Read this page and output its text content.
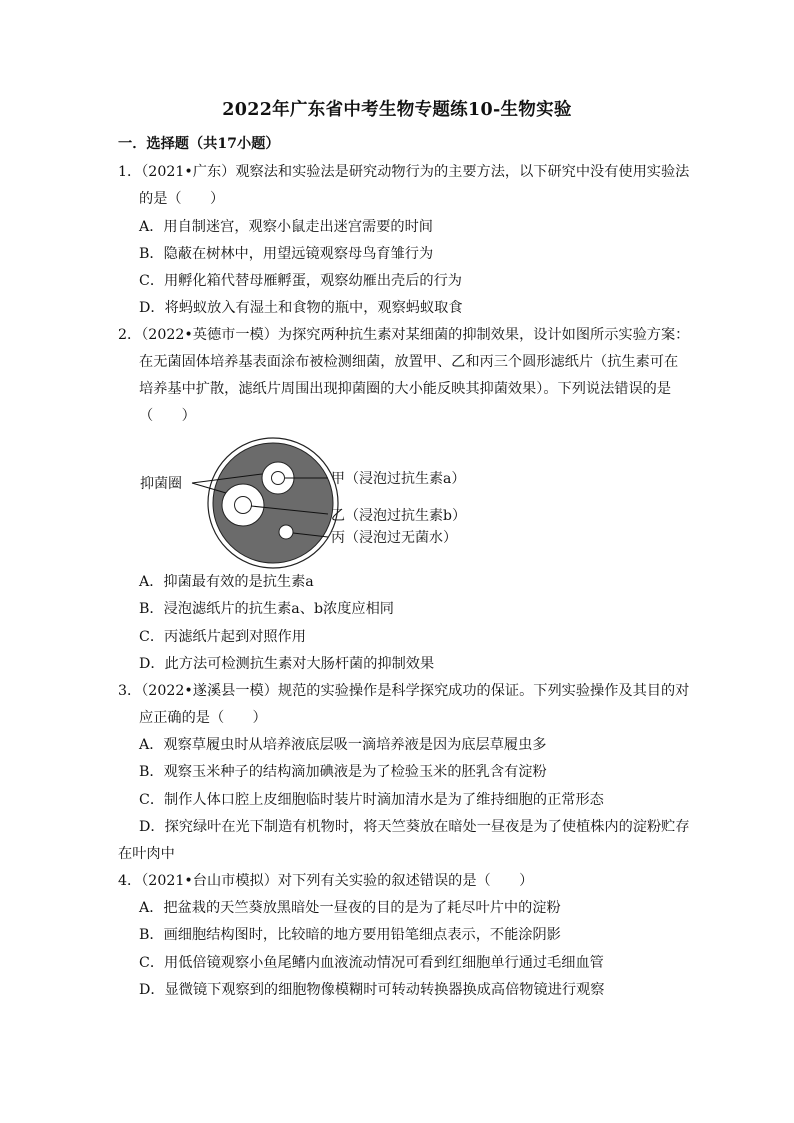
2022年广东省中考生物专题练10-生物实验
一．选择题（共17小题）
1．（2021•广东）观察法和实验法是研究动物行为的主要方法，以下研究中没有使用实验法
的是（　　）
A．用自制迷宫，观察小鼠走出迷宫需要的时间
B．隐蔽在树林中，用望远镜观察母鸟育雏行为
C．用孵化箱代替母雁孵蛋，观察幼雁出壳后的行为
D．将蚂蚁放入有湿土和食物的瓶中，观察蚂蚁取食
2．（2022•英德市一模）为探究两种抗生素对某细菌的抑制效果，设计如图所示实验方案：
在无菌固体培养基表面涂布被检测细菌，放置甲、乙和丙三个圆形滤纸片（抗生素可在
培养基中扩散，滤纸片周围出现抑菌圈的大小能反映其抑菌效果）。下列说法错误的是
（　　）
抑菌圈	甲（浸泡过抗生素a）
乙（浸泡过抗生素b）
丙（浸泡过无菌水）
A．抑菌最有效的是抗生素a
B．浸泡滤纸片的抗生素a、b浓度应相同
C．丙滤纸片起到对照作用
D．此方法可检测抗生素对大肠杆菌的抑制效果
3．（2022•遂溪县一模）规范的实验操作是科学探究成功的保证。下列实验操作及其目的对
应正确的是（　　）
A．观察草履虫时从培养液底层吸一滴培养液是因为底层草履虫多
B．观察玉米种子的结构滴加碘液是为了检验玉米的胚乳含有淀粉
C．制作人体口腔上皮细胞临时装片时滴加清水是为了维持细胞的正常形态
D．探究绿叶在光下制造有机物时，将天竺葵放在暗处一昼夜是为了使植株内的淀粉贮存
在叶肉中
4．（2021•台山市模拟）对下列有关实验的叙述错误的是（　　）
A．把盆栽的天竺葵放黑暗处一昼夜的目的是为了耗尽叶片中的淀粉
B．画细胞结构图时，比较暗的地方要用铅笔细点表示，不能涂阴影
C．用低倍镜观察小鱼尾鳍内血液流动情况可看到红细胞单行通过毛细血管
D．显微镜下观察到的细胞物像模糊时可转动转换器换成高倍物镜进行观察
